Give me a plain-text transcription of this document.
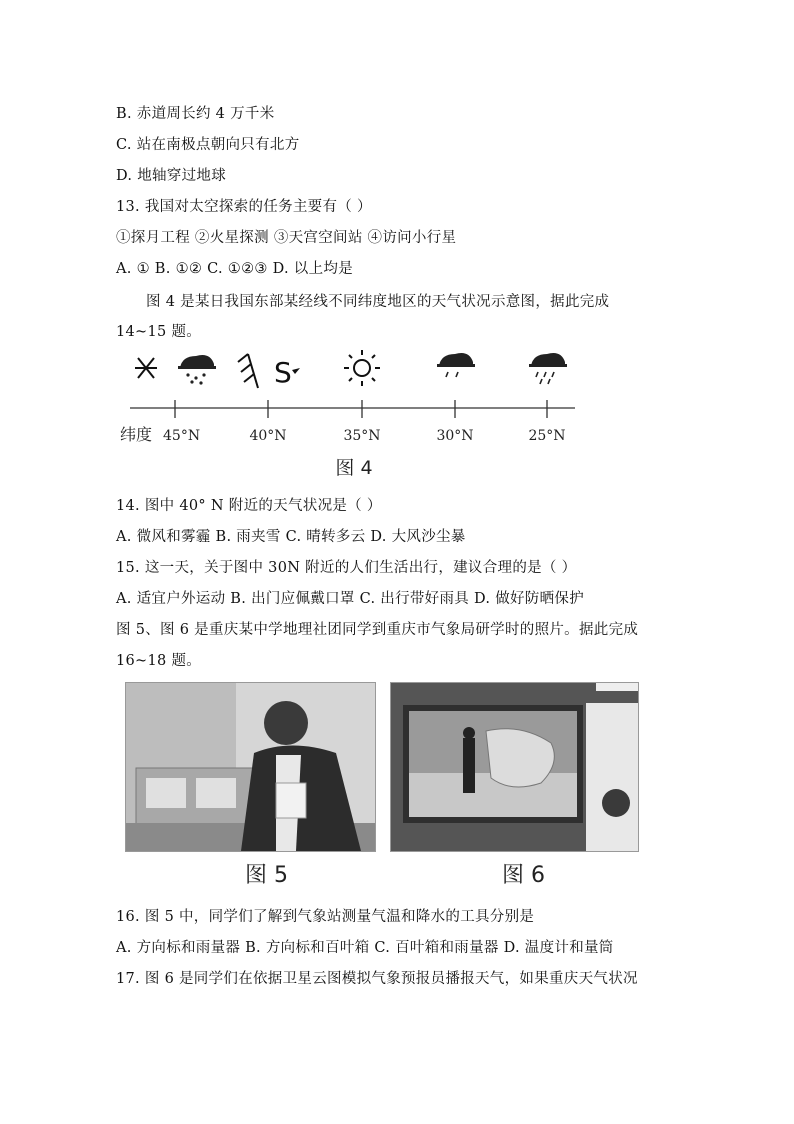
B. 赤道周长约 4 万千米
C. 站在南极点朝向只有北方
D. 地轴穿过地球
13. 我国对太空探索的任务主要有（ ）
①探月工程 ②火星探测 ③天宫空间站 ④访问小行星
A. ① B. ①② C. ①②③ D. 以上均是
图 4 是某日我国东部某经线不同纬度地区的天气状况示意图，据此完成
14~15 题。
S
纬度 45°N	40°N	35°N	30°N	25°N
图 4
14. 图中 40° N 附近的天气状况是（ ）
A. 微风和雾霾 B. 雨夹雪 C. 晴转多云 D. 大风沙尘暴
15. 这一天，关于图中 30N 附近的人们生活出行，建议合理的是（ ）
A. 适宜户外运动 B. 出门应佩戴口罩 C. 出行带好雨具 D. 做好防晒保护
图 5、图 6 是重庆某中学地理社团同学到重庆市气象局研学时的照片。据此完成
16~18 题。
图 5	图 6
16. 图 5 中，同学们了解到气象站测量气温和降水的工具分别是
A. 方向标和雨量器 B. 方向标和百叶箱 C. 百叶箱和雨量器 D. 温度计和量筒
17. 图 6 是同学们在依据卫星云图模拟气象预报员播报天气，如果重庆天气状况
